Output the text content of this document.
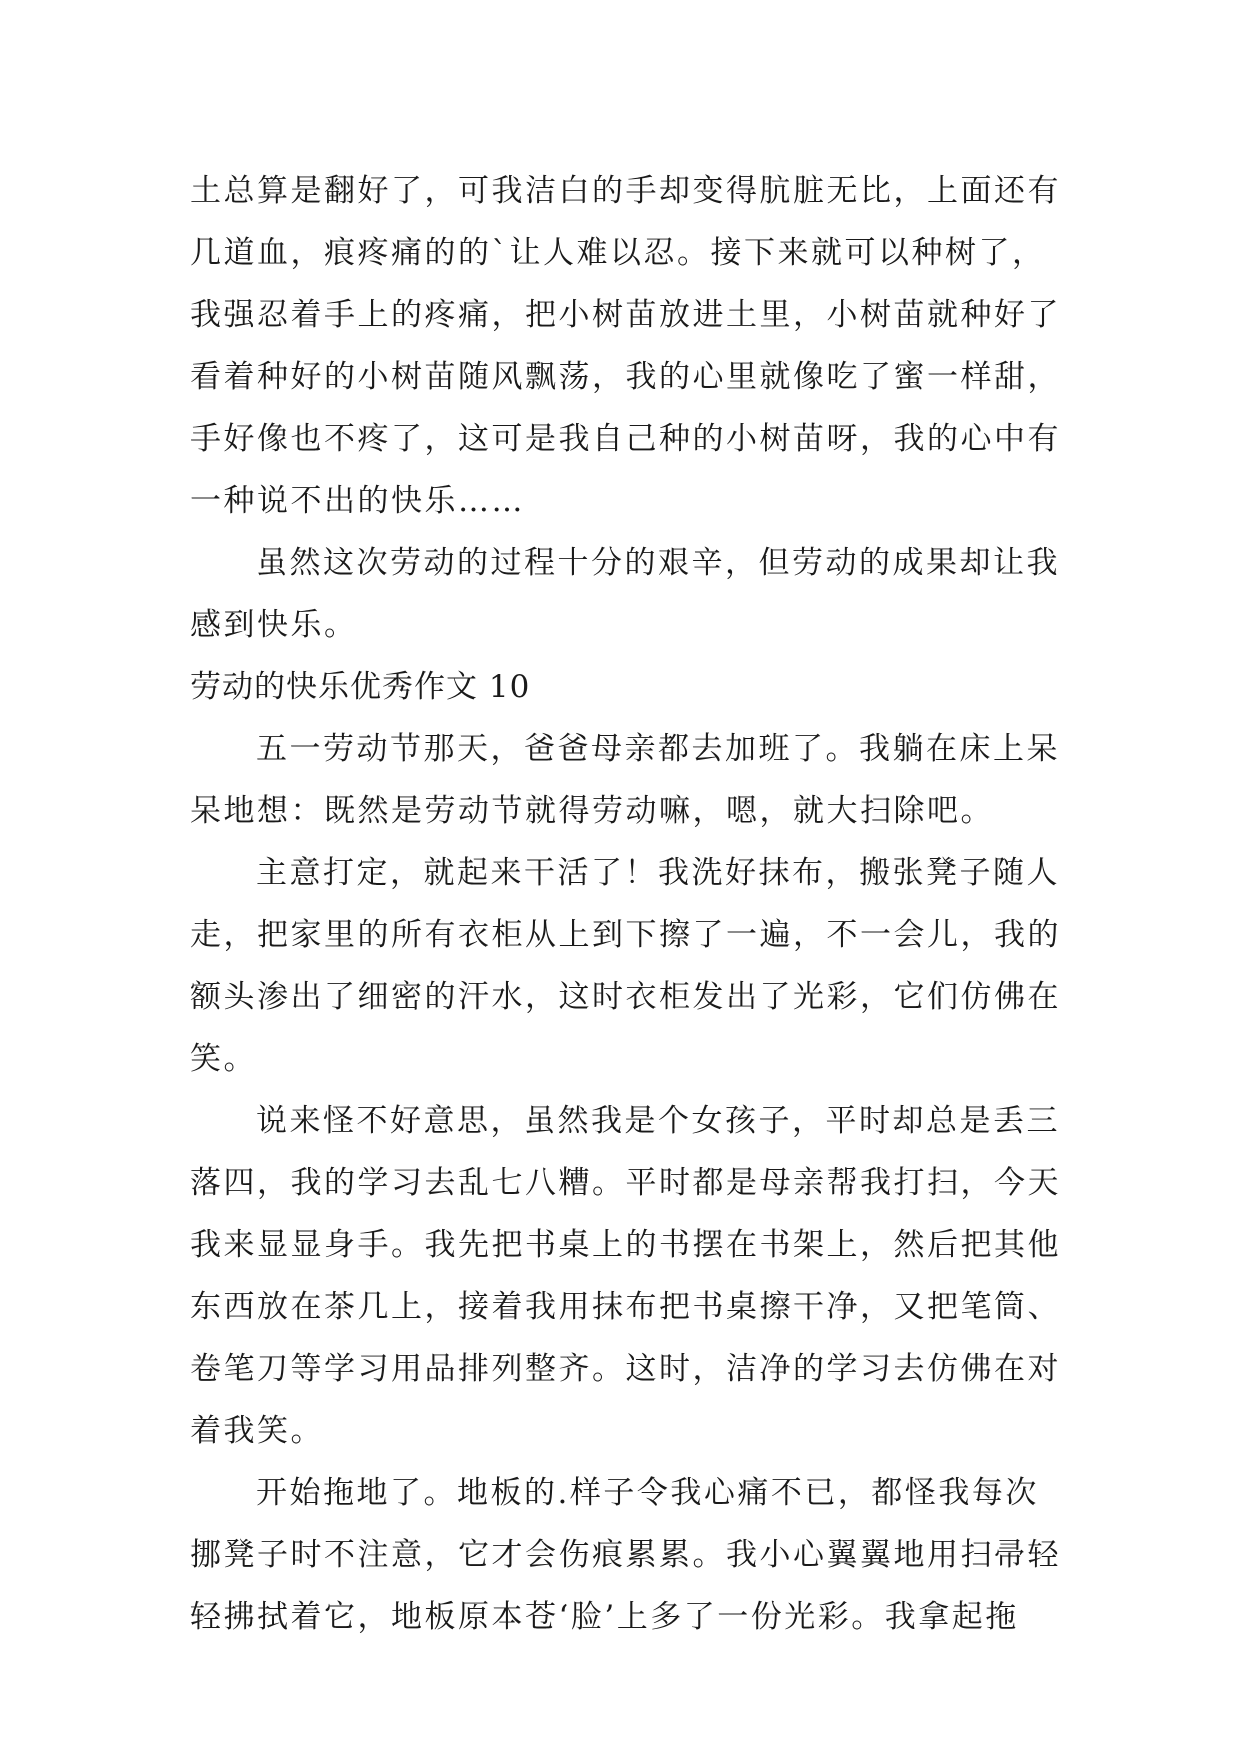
土总算是翻好了，可我洁白的手却变得肮脏无比，上面还有
几道血，痕疼痛的的`让人难以忍。接下来就可以种树了，
我强忍着手上的疼痛，把小树苗放进土里，小树苗就种好了
看着种好的小树苗随风飘荡，我的心里就像吃了蜜一样甜，
手好像也不疼了，这可是我自己种的小树苗呀，我的心中有
一种说不出的快乐……
虽然这次劳动的过程十分的艰辛，但劳动的成果却让我
感到快乐。
劳动的快乐优秀作文 10
五一劳动节那天，爸爸母亲都去加班了。我躺在床上呆
呆地想：既然是劳动节就得劳动嘛，嗯，就大扫除吧。
主意打定，就起来干活了！我洗好抹布，搬张凳子随人
走，把家里的所有衣柜从上到下擦了一遍，不一会儿，我的
额头渗出了细密的汗水，这时衣柜发出了光彩，它们仿佛在
笑。
说来怪不好意思，虽然我是个女孩子，平时却总是丢三
落四，我的学习去乱七八糟。平时都是母亲帮我打扫，今天
我来显显身手。我先把书桌上的书摆在书架上，然后把其他
东西放在茶几上，接着我用抹布把书桌擦干净，又把笔筒、
卷笔刀等学习用品排列整齐。这时，洁净的学习去仿佛在对
着我笑。
开始拖地了。地板的.样子令我心痛不已，都怪我每次
挪凳子时不注意，它才会伤痕累累。我小心翼翼地用扫帚轻
轻拂拭着它，地板原本苍‘脸’上多了一份光彩。我拿起拖
